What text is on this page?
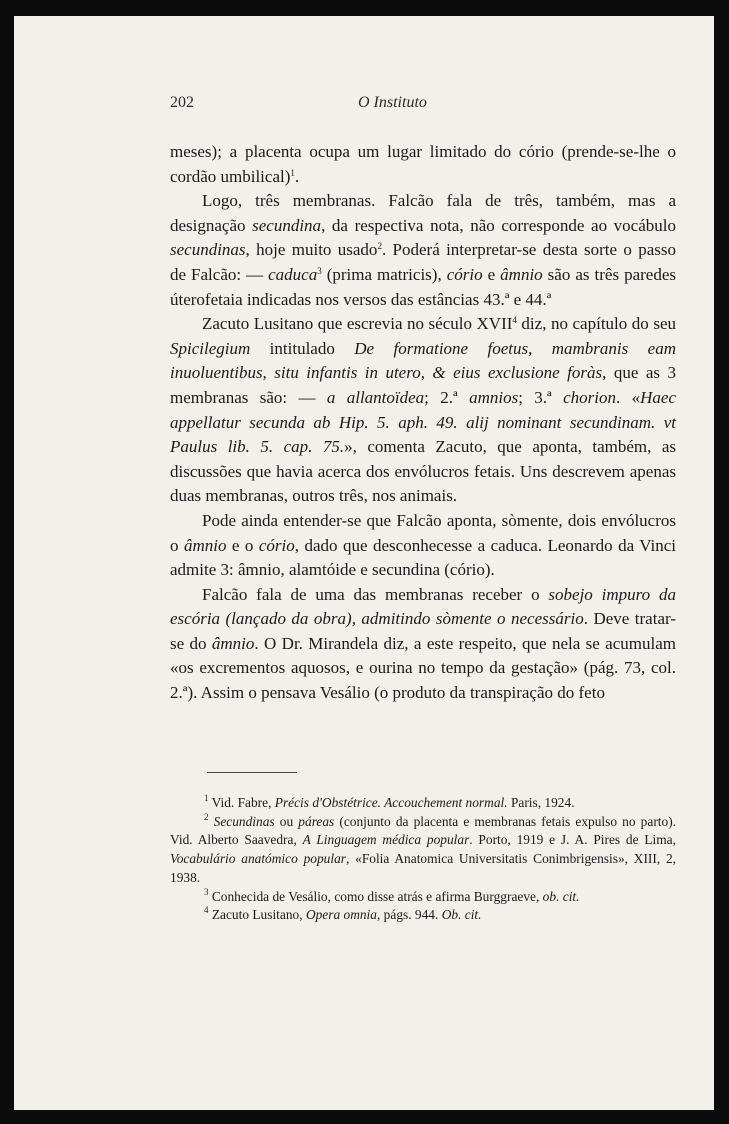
202	O Instituto

meses); a placenta ocupa um lugar limitado do cório (prende-se-lhe o cordão umbilical)$^1$.

Logo, três membranas. Falcão fala de três, também, mas a designação secundina, da respectiva nota, não corresponde ao vocábulo secundinas, hoje muito usado$^2$. Poderá interpretar-se desta sorte o passo de Falcão: — caduca$^3$ (prima matricis), cório e âmnio são as três paredes úterofetaia indicadas nos versos das estâncias 43.ª e 44.ª

Zacuto Lusitano que escrevia no século XVII$^4$ diz, no capítulo do seu Spicilegium intitulado De formatione foetus, mambranis eam inuoluentibus, situ infantis in utero, & eius exclusione foràs, que as 3 membranas são: — a allantoïdea; 2.ª amnios; 3.ª chorion. «Haec appellatur secunda ab Hip. 5. aph. 49. alij nominant secundinam. vt Paulus lib. 5. cap. 75.», comenta Zacuto, que aponta, também, as discussões que havia acerca dos envólucros fetais. Uns descrevem apenas duas membranas, outros três, nos animais.

Pode ainda entender-se que Falcão aponta, sòmente, dois envólucros o âmnio e o cório, dado que desconhecesse a caduca. Leonardo da Vinci admite 3: âmnio, alamtóide e secundina (cório).

Falcão fala de uma das membranas receber o sobejo impuro da escória (lançado da obra), admitindo sòmente o necessário. Deve tratar-se do âmnio. O Dr. Mirandela diz, a este respeito, que nela se acumulam «os excrementos aquosos, e ourina no tempo da gestação» (pág. 73, col. 2.ª). Assim o pensava Vesálio (o produto da transpiração do feto

$^1$ Vid. Fabre, Précis d'Obstétrice. Accouchement normal. Paris, 1924.

$^2$ Secundinas ou páreas (conjunto da placenta e membranas fetais expulso no parto). Vid. Alberto Saavedra, A Linguagem médica popular. Porto, 1919 e J. A. Pires de Lima, Vocabulário anatómico popular, «Folia Anatomica Universitatis Conimbrigensis», XIII, 2, 1938.

$^3$ Conhecida de Vesálio, como disse atrás e afirma Burggraeve, ob. cit.

$^4$ Zacuto Lusitano, Opera omnia, págs. 944. Ob. cit.
